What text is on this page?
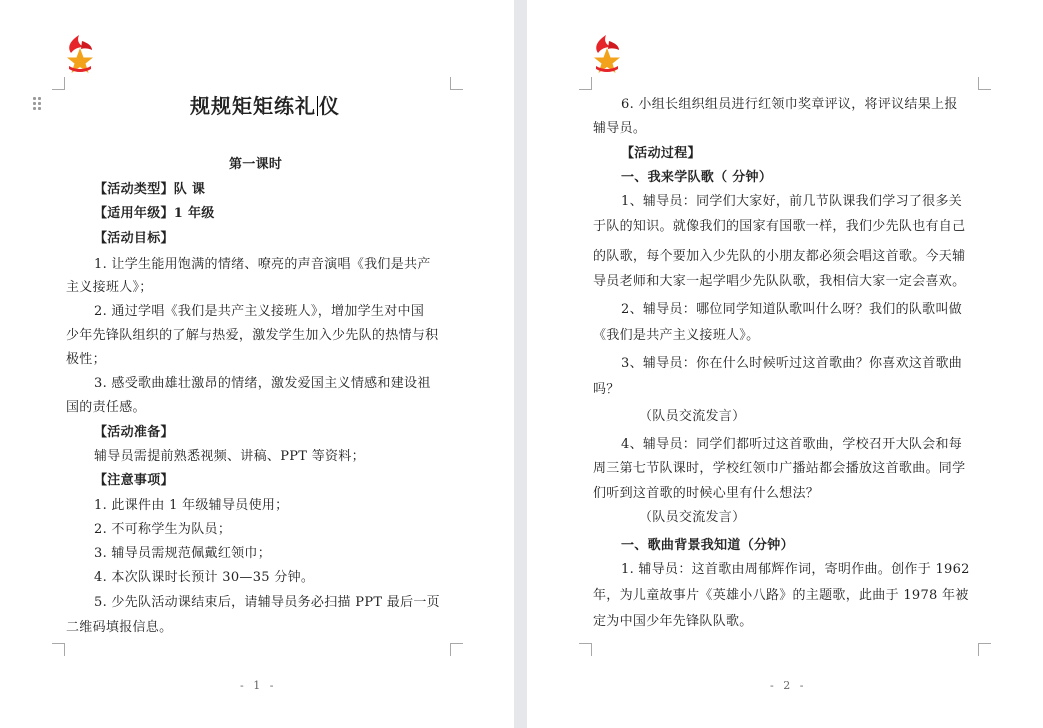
规规矩矩练礼 仪
第一课时
【活动类型】队 课
【适用年级】1 年级
【活动目标】
1. 让学生能用饱满的情绪、嘹亮的声音演唱《我们是共产
主义接班人》；
2. 通过学唱《我们是共产主义接班人》，增加学生对中国
少年先锋队组织的了解与热爱，激发学生加入少先队的热情与积
极性；
3. 感受歌曲雄壮激昂的情绪，激发爱国主义情感和建设祖
国的责任感。
【活动准备】
辅导员需提前熟悉视频、讲稿、PPT 等资料；
【注意事项】
1. 此课件由 1 年级辅导员使用；
2. 不可称学生为队员；
3. 辅导员需规范佩戴红领巾；
4. 本次队课时长预计 30—35 分钟。
5. 少先队活动课结束后，请辅导员务必扫描 PPT 最后一页
二维码填报信息。
- 1 -
6. 小组长组织组员进行红领巾奖章评议，将评议结果上报
辅导员。
【活动过程】
一、我来学队歌（ 分钟）
1、辅导员：同学们大家好，前几节队课我们学习了很多关
于队的知识。就像我们的国家有国歌一样，我们少先队也有自己
的队歌，每个要加入少先队的小朋友都必须会唱这首歌。今天辅
导员老师和大家一起学唱少先队队歌，我相信大家一定会喜欢。
2、辅导员：哪位同学知道队歌叫什么呀？我们的队歌叫做
《我们是共产主义接班人》。
3、辅导员：你在什么时候听过这首歌曲？你喜欢这首歌曲
吗？
（队员交流发言）
4、辅导员：同学们都听过这首歌曲，学校召开大队会和每
周三第七节队课时，学校红领巾广播站都会播放这首歌曲。同学
们听到这首歌的时候心里有什么想法？
（队员交流发言）
一、歌曲背景我知道（分钟）
1. 辅导员：这首歌由周郁辉作词，寄明作曲。创作于 1962
年，为儿童故事片《英雄小八路》的主题歌，此曲于 1978 年被
定为中国少年先锋队队歌。
- 2 -
